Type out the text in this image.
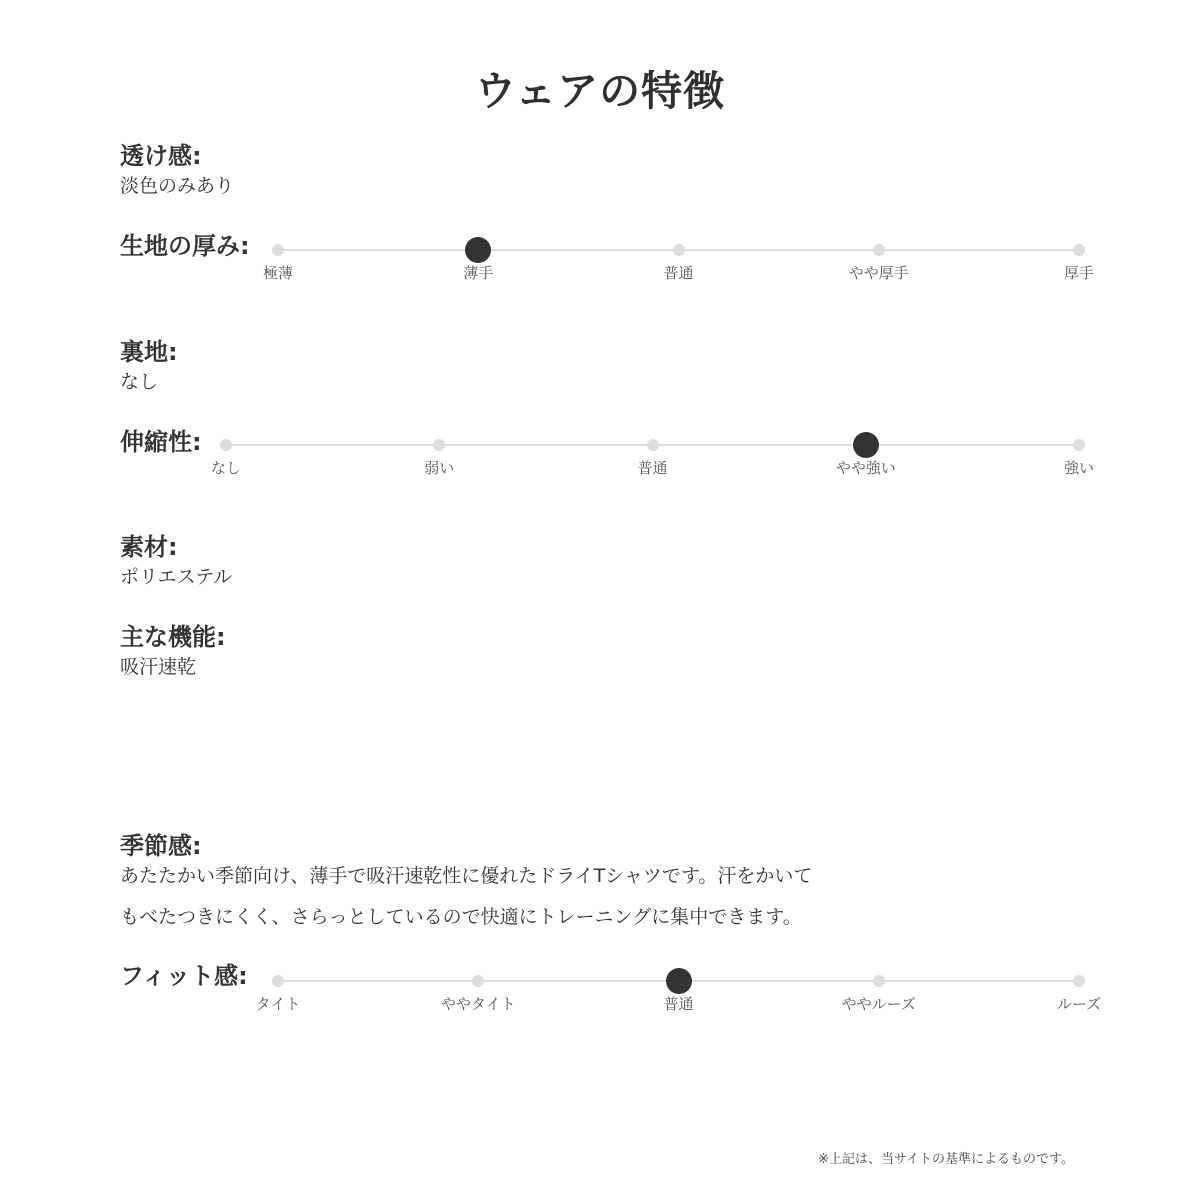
ウェアの特徴
透け感:
淡色のみあり
生地の厚み:
極薄	薄手	普通	やや厚手	厚手
裏地:
なし
伸縮性:
なし	弱い	普通	やや強い	強い
素材:
ポリエステル
主な機能:
吸汗速乾
季節感:
あたたかい季節向け、薄手で吸汗速乾性に優れたドライTシャツです。汗をかいて
もべたつきにくく、さらっとしているので快適にトレーニングに集中できます。
フィット感:
タイト	ややタイト	普通	ややルーズ	ルーズ
※上記は、当サイトの基準によるものです。
